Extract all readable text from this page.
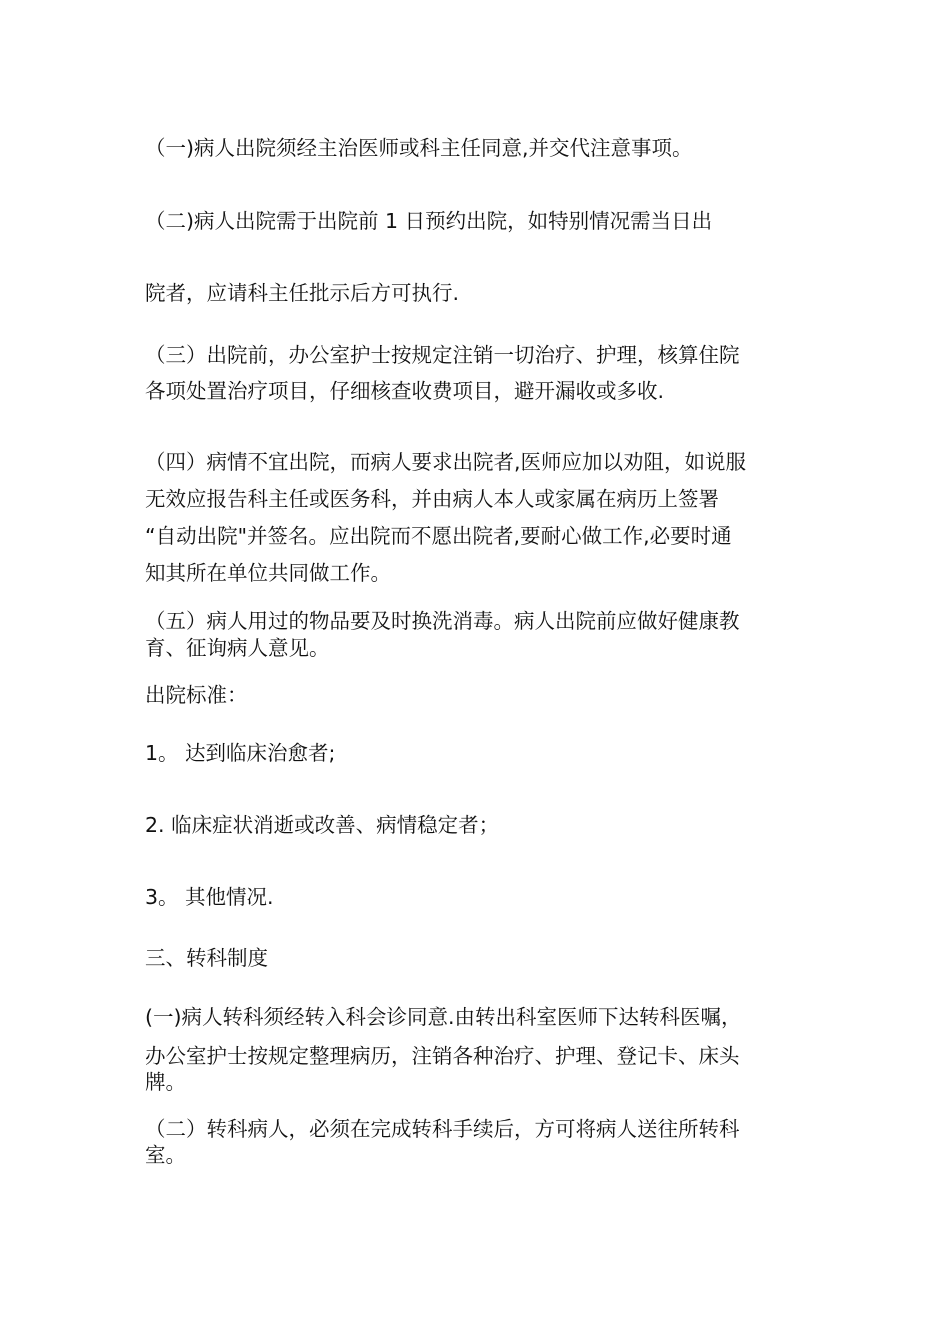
（一)病人出院须经主治医师或科主任同意,并交代注意事项。

（二)病人出院需于出院前 1 日预约出院，如特别情况需当日出

院者，应请科主任批示后方可执行.

（三）出院前，办公室护士按规定注销一切治疗、护理，核算住院

各项处置治疗项目，仔细核查收费项目，避开漏收或多收.

（四）病情不宜出院，而病人要求出院者,医师应加以劝阻，如说服

无效应报告科主任或医务科，并由病人本人或家属在病历上签署

“自动出院"并签名。应出院而不愿出院者,要耐心做工作,必要时通

知其所在单位共同做工作。

（五）病人用过的物品要及时换洗消毒。病人出院前应做好健康教

育、征询病人意见。

出院标准：

1。 达到临床治愈者;

2. 临床症状消逝或改善、病情稳定者；

3。 其他情况.

三、转科制度

(一)病人转科须经转入科会诊同意.由转出科室医师下达转科医嘱，

办公室护士按规定整理病历，注销各种治疗、护理、登记卡、床头

牌。

（二）转科病人，必须在完成转科手续后，方可将病人送往所转科

室。
